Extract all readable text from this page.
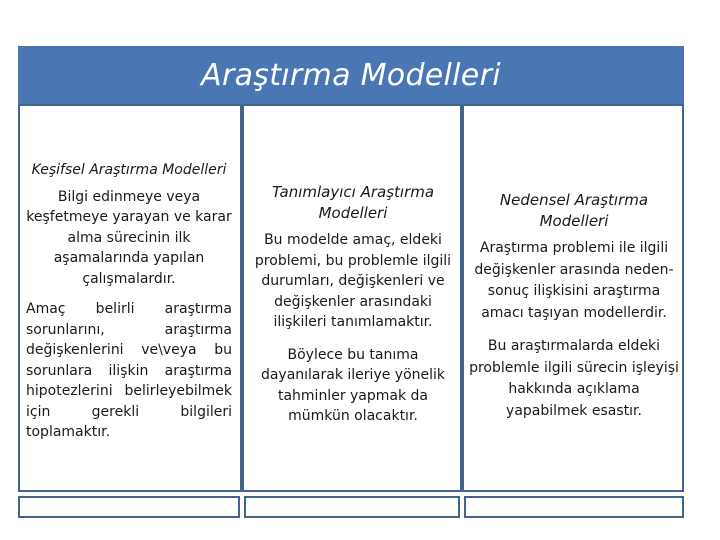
Araştırma Modelleri

Keşifsel Araştırma Modelleri

Bilgi edinmeye veya keşfetmeye yarayan ve karar alma sürecinin ilk aşamalarında yapılan çalışmalardır.

Amaç belirli araştırma sorunlarını, araştırma değişkenlerini ve\veya bu sorunlara ilişkin araştırma hipotezlerini belirleyebilmek için gerekli bilgileri toplamaktır.

Tanımlayıcı Araştırma Modelleri

Bu modelde amaç, eldeki problemi, bu problemle ilgili durumları, değişkenleri ve değişkenler arasındaki ilişkileri tanımlamaktır.

Böylece bu tanıma dayanılarak ileriye yönelik tahminler yapmak da mümkün olacaktır.

Nedensel Araştırma Modelleri

Araştırma problemi ile ilgili değişkenler arasında neden-sonuç ilişkisini araştırma amacı taşıyan modellerdir.

Bu araştırmalarda eldeki problemle ilgili sürecin işleyişi hakkında açıklama yapabilmek esastır.
